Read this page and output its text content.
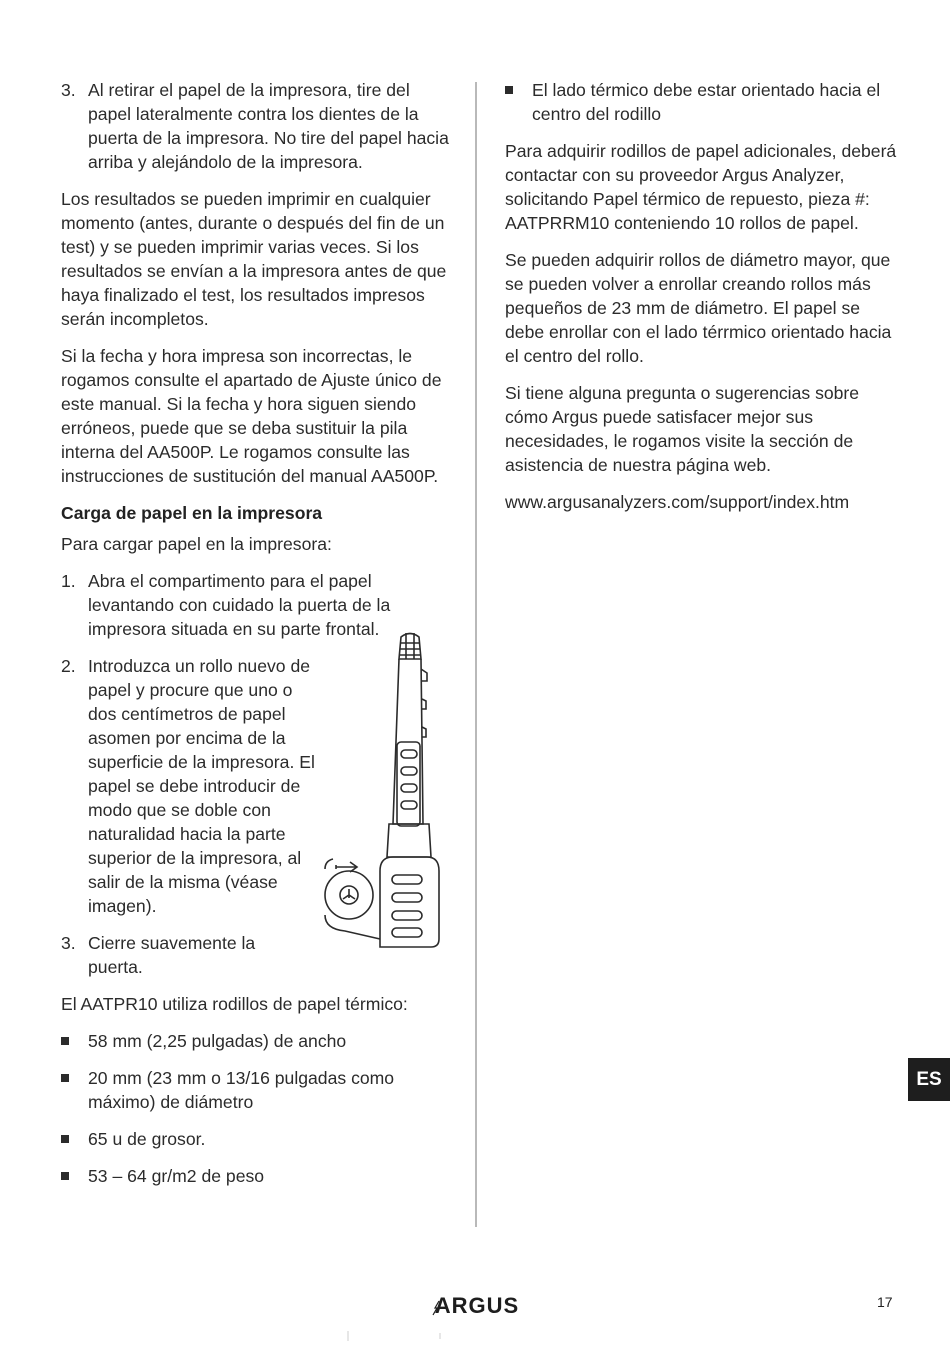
3. Al retirar el papel de la impresora, tire del papel lateralmente contra los dientes de la puerta de la impresora. No tire del papel hacia arriba y alejándolo de la impresora.

Los resultados se pueden imprimir en cualquier momento (antes, durante o después del fin de un test) y se pueden imprimir varias veces. Si los resultados se envían a la impresora antes de que haya finalizado el test, los resultados impresos serán incompletos.

Si la fecha y hora impresa son incorrectas, le rogamos consulte el apartado de Ajuste único de este manual. Si la fecha y hora siguen siendo erróneos, puede que se deba sustituir la pila interna del AA500P. Le rogamos consulte las instrucciones de sustitución del manual AA500P.

Carga de papel en la impresora

Para cargar papel en la impresora:

1. Abra el compartimento para el papel levantando con cuidado la puerta de la impresora situada en su parte frontal.
2. Introduzca un rollo nuevo de papel y procure que uno o dos centímetros de papel asomen por encima de la superficie de la impresora. El papel se debe introducir de modo que se doble con naturalidad hacia la parte superior de la impresora, al salir de la misma (véase imagen).
3. Cierre suavemente la puerta.

El AATPR10 utiliza rodillos de papel térmico:

58 mm (2,25 pulgadas) de ancho
20 mm (23 mm o 13/16 pulgadas como máximo) de diámetro
65 u de grosor.
53 – 64 gr/m2 de peso
El lado térmico debe estar orientado hacia el centro del rodillo

Para adquirir rodillos de papel adicionales, deberá contactar con su proveedor Argus Analyzer, solicitando Papel térmico de repuesto, pieza #: AATPRRM10 conteniendo 10 rollos de papel.

Se pueden adquirir rollos de diámetro mayor, que se pueden volver a enrollar creando rollos más pequeños de 23 mm de diámetro. El papel se debe enrollar con el lado térrmico orientado hacia el centro del rollo.

Si tiene alguna pregunta o sugerencias sobre cómo Argus puede satisfacer mejor sus necesidades, le rogamos visite la sección de asistencia de nuestra página web.

www.argusanalyzers.com/support/index.htm

ES
ARGUS	17
